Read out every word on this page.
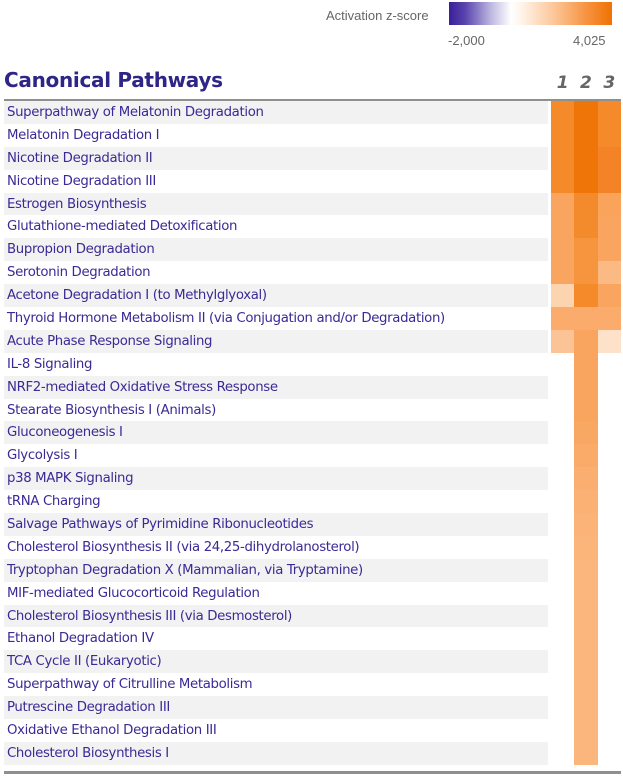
Activation z-score
-2,000	4,025
Canonical Pathways	1 2 3
Superpathway of Melatonin Degradation
Melatonin Degradation I
Nicotine Degradation II
Nicotine Degradation III
Estrogen Biosynthesis
Glutathione-mediated Detoxification
Bupropion Degradation
Serotonin Degradation
Acetone Degradation I (to Methylglyoxal)
Thyroid Hormone Metabolism II (via Conjugation and/or Degradation)
Acute Phase Response Signaling
IL-8 Signaling
NRF2-mediated Oxidative Stress Response
Stearate Biosynthesis I (Animals)
Gluconeogenesis I
Glycolysis I
p38 MAPK Signaling
tRNA Charging
Salvage Pathways of Pyrimidine Ribonucleotides
Cholesterol Biosynthesis II (via 24,25-dihydrolanosterol)
Tryptophan Degradation X (Mammalian, via Tryptamine)
MIF-mediated Glucocorticoid Regulation
Cholesterol Biosynthesis III (via Desmosterol)
Ethanol Degradation IV
TCA Cycle II (Eukaryotic)
Superpathway of Citrulline Metabolism
Putrescine Degradation III
Oxidative Ethanol Degradation III
Cholesterol Biosynthesis I
